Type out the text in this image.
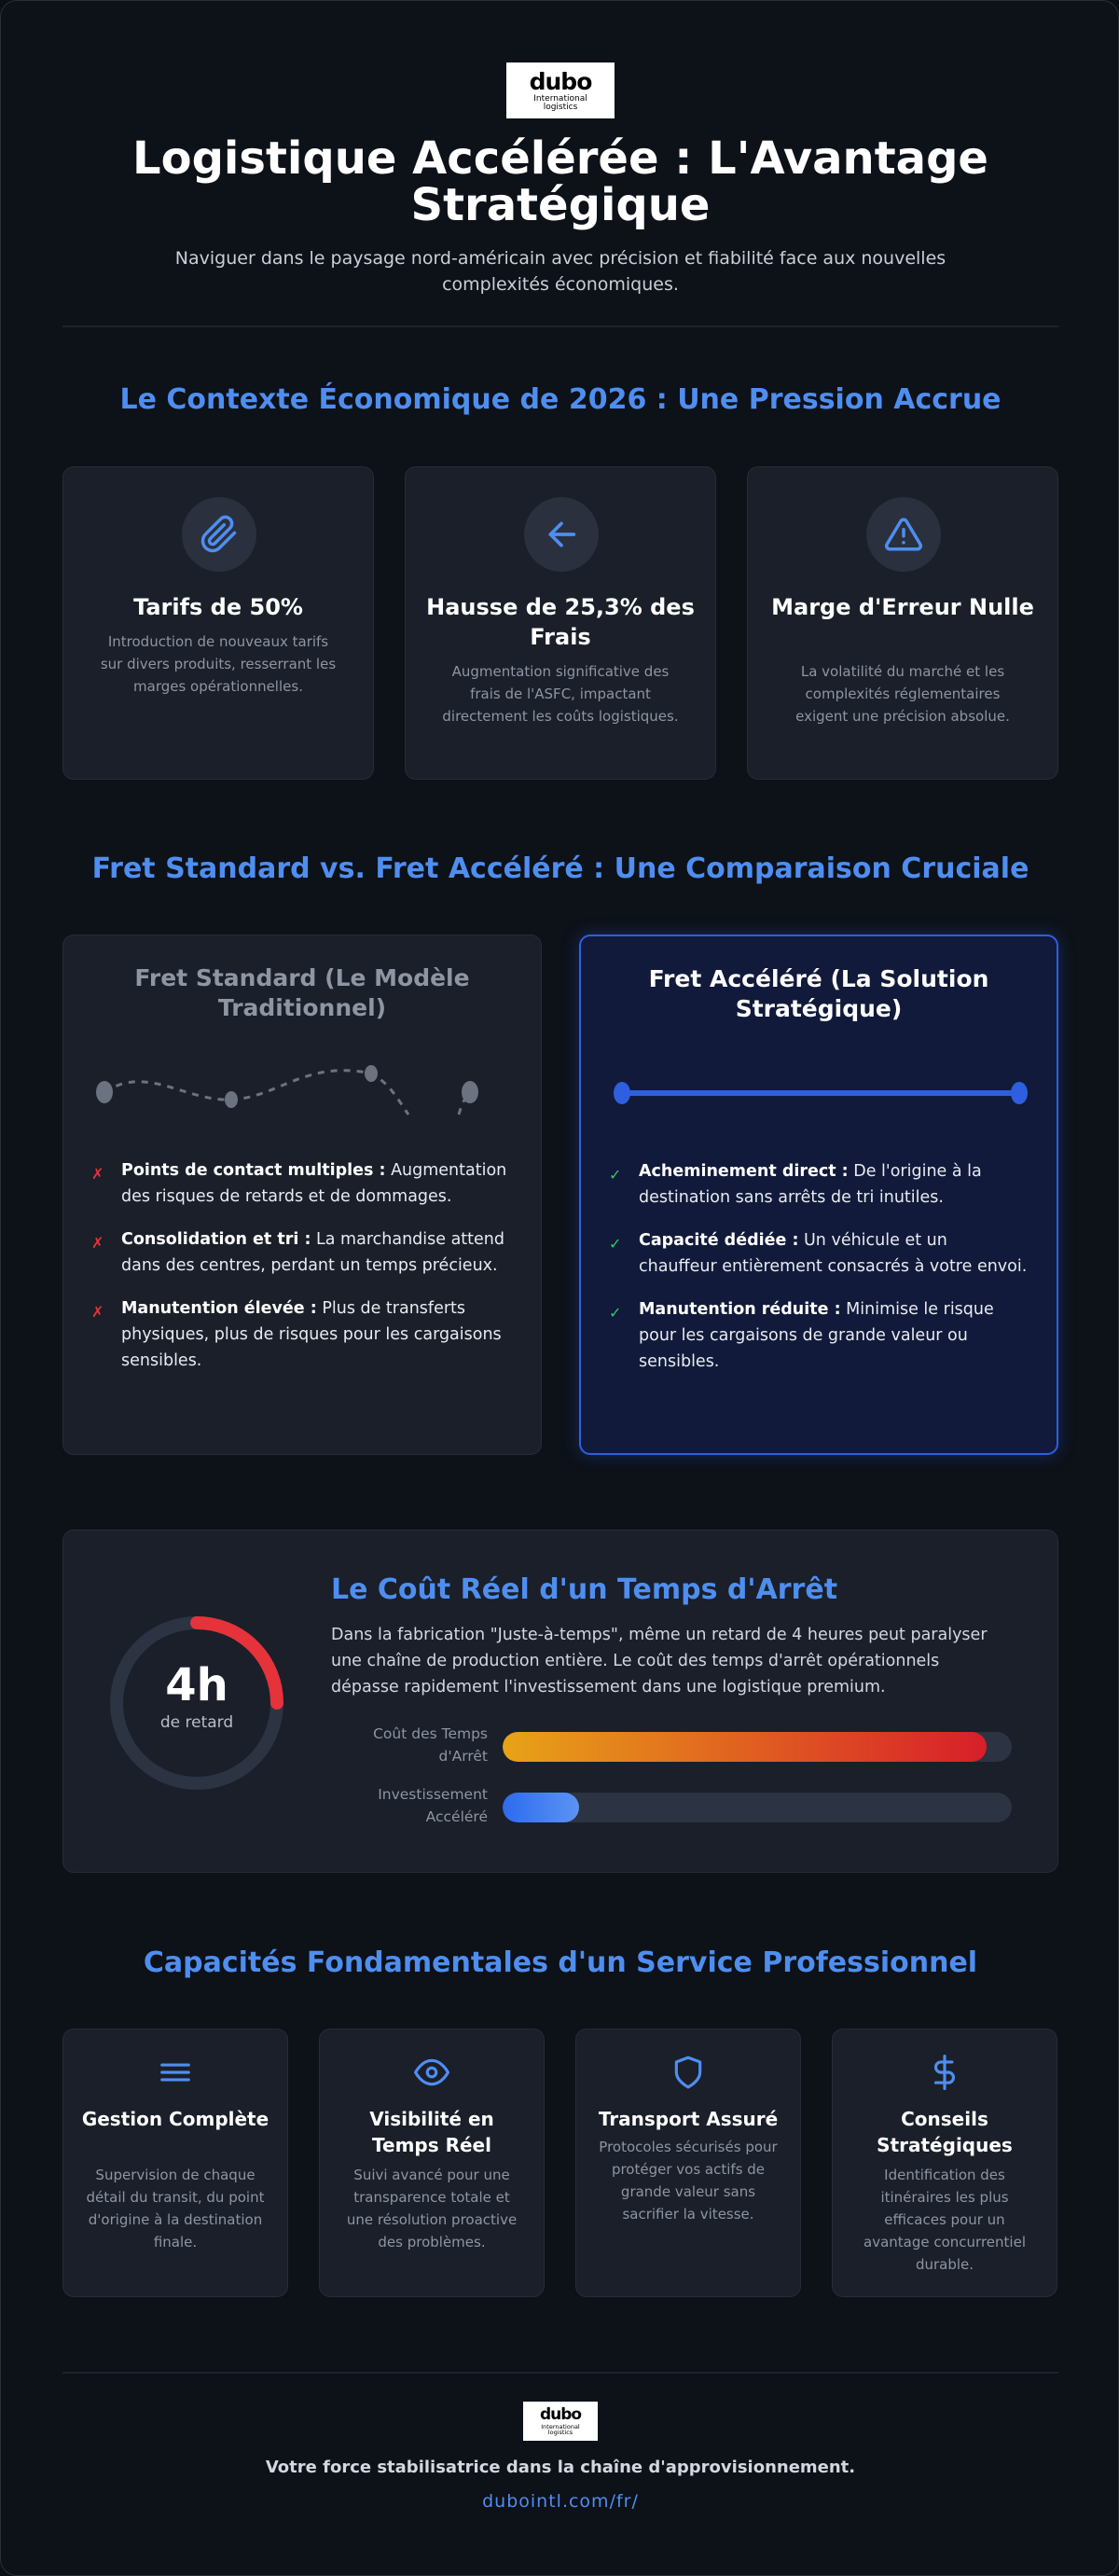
dubo
International
logistics
Logistique Accélérée : L'Avantage Stratégique
Naviguer dans le paysage nord-américain avec précision et fiabilité face aux nouvelles complexités économiques.
Le Contexte Économique de 2026 : Une Pression Accrue
Tarifs de 50%
Introduction de nouveaux tarifs sur divers produits, resserrant les marges opérationnelles.
Hausse de 25,3% des Frais
Augmentation significative des frais de l'ASFC, impactant directement les coûts logistiques.
Marge d'Erreur Nulle
La volatilité du marché et les complexités réglementaires exigent une précision absolue.
Fret Standard vs. Fret Accéléré : Une Comparaison Cruciale
Fret Standard (Le Modèle Traditionnel)
✗ Points de contact multiples : Augmentation des risques de retards et de dommages.
✗ Consolidation et tri : La marchandise attend dans des centres, perdant un temps précieux.
✗ Manutention élevée : Plus de transferts physiques, plus de risques pour les cargaisons sensibles.
Fret Accéléré (La Solution Stratégique)
✓ Acheminement direct : De l'origine à la destination sans arrêts de tri inutiles.
✓ Capacité dédiée : Un véhicule et un chauffeur entièrement consacrés à votre envoi.
✓ Manutention réduite : Minimise le risque pour les cargaisons de grande valeur ou sensibles.
4h
de retard
Le Coût Réel d'un Temps d'Arrêt
Dans la fabrication "Juste-à-temps", même un retard de 4 heures peut paralyser une chaîne de production entière. Le coût des temps d'arrêt opérationnels dépasse rapidement l'investissement dans une logistique premium.
Coût des Temps d'Arrêt
Investissement Accéléré
Capacités Fondamentales d'un Service Professionnel
Gestion Complète
Supervision de chaque détail du transit, du point d'origine à la destination finale.
Visibilité en Temps Réel
Suivi avancé pour une transparence totale et une résolution proactive des problèmes.
Transport Assuré
Protocoles sécurisés pour protéger vos actifs de grande valeur sans sacrifier la vitesse.
Conseils Stratégiques
Identification des itinéraires les plus efficaces pour un avantage concurrentiel durable.
dubo
International
logistics
Votre force stabilisatrice dans la chaîne d'approvisionnement.
dubointl.com/fr/
